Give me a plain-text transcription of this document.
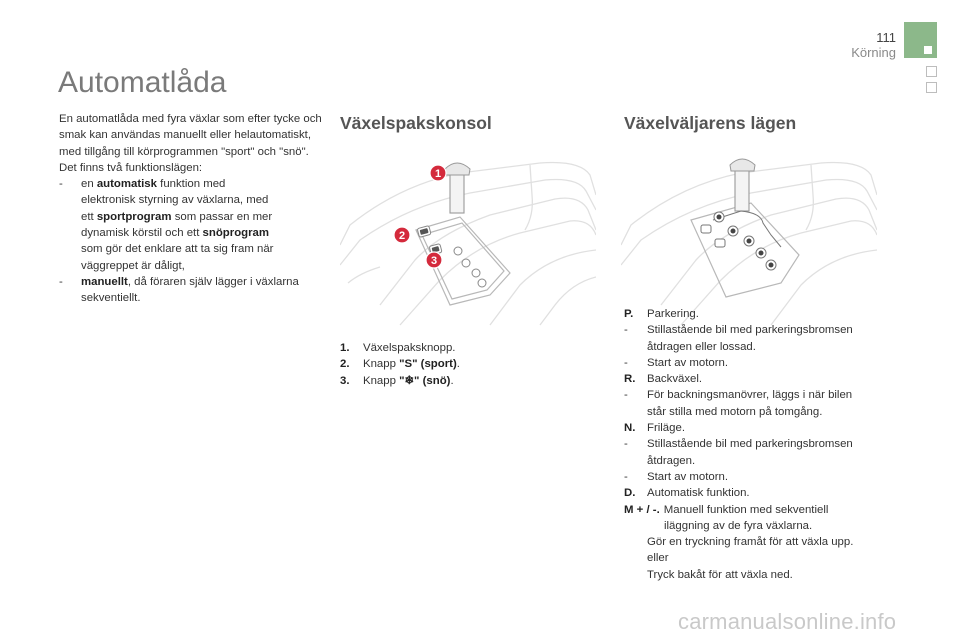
111
Körning
Automatlåda
En automatlåda med fyra växlar som efter tycke och smak kan användas manuellt eller helautomatiskt, med tillgång till körprogrammen "sport" och "snö".
Det finns två funktionslägen:
- en automatisk funktion med
elektronisk styrning av växlarna, med
ett sportprogram som passar en mer
dynamisk körstil och ett snöprogram
som gör det enklare att ta sig fram när
väggreppet är dåligt,
- manuellt, då föraren själv lägger i växlarna sekventiellt.
Växelspakskonsol
1
2
3
1. Växelspaksknopp.
2. Knapp "S" (sport).
3. Knapp "❄" (snö).
Växelväljarens lägen
P. Parkering.
- Stillastående bil med parkeringsbromsen
åtdragen eller lossad.
- Start av motorn.
R. Backväxel.
- För backningsmanövrer, läggs i när bilen
står stilla med motorn på tomgång.
N. Friläge.
- Stillastående bil med parkeringsbromsen
åtdragen.
- Start av motorn.
D. Automatisk funktion.
M + / -. Manuell funktion med sekventiell
iläggning av de fyra växlarna.
Gör en tryckning framåt för att växla upp.
eller
Tryck bakåt för att växla ned.
carmanualsonline.info
